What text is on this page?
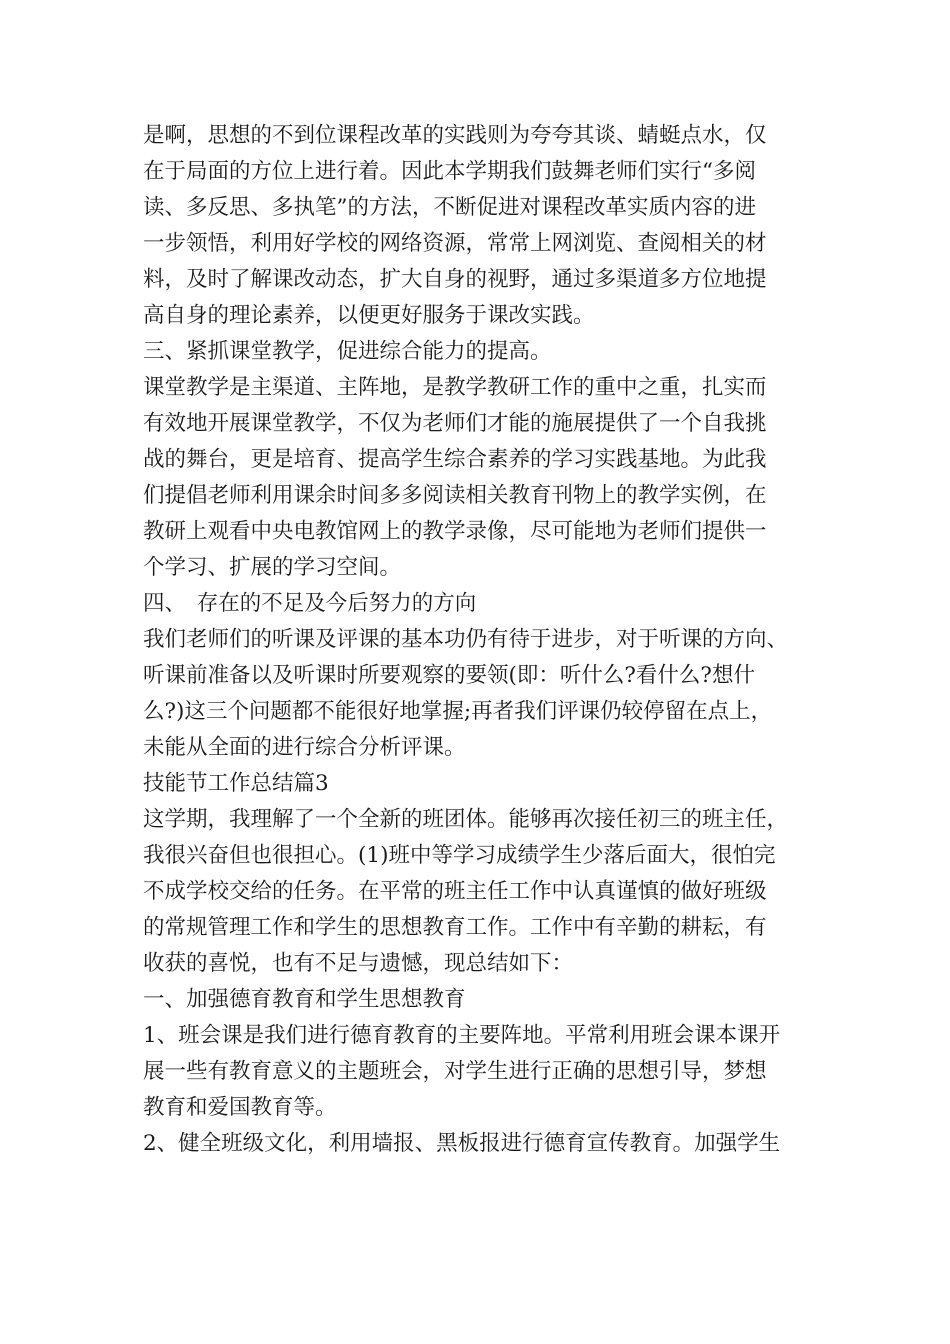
是啊，思想的不到位课程改革的实践则为夸夸其谈、蜻蜓点水，仅
在于局面的方位上进行着。因此本学期我们鼓舞老师们实行“多阅
读、多反思、多执笔”的方法，不断促进对课程改革实质内容的进
一步领悟，利用好学校的网络资源，常常上网浏览、查阅相关的材
料，及时了解课改动态，扩大自身的视野，通过多渠道多方位地提
高自身的理论素养，以便更好服务于课改实践。
三、紧抓课堂教学，促进综合能力的提高。
课堂教学是主渠道、主阵地，是教学教研工作的重中之重，扎实而
有效地开展课堂教学，不仅为老师们才能的施展提供了一个自我挑
战的舞台，更是培育、提高学生综合素养的学习实践基地。为此我
们提倡老师利用课余时间多多阅读相关教育刊物上的教学实例，在
教研上观看中央电教馆网上的教学录像，尽可能地为老师们提供一
个学习、扩展的学习空间。
四、　存在的不足及今后努力的方向
我们老师们的听课及评课的基本功仍有待于进步，对于听课的方向、
听课前准备以及听课时所要观察的要领(即：听什么?看什么?想什
么?)这三个问题都不能很好地掌握;再者我们评课仍较停留在点上，
未能从全面的进行综合分析评课。
技能节工作总结篇3
这学期，我理解了一个全新的班团体。能够再次接任初三的班主任，
我很兴奋但也很担心。(1)班中等学习成绩学生少落后面大，很怕完
不成学校交给的任务。在平常的班主任工作中认真谨慎的做好班级
的常规管理工作和学生的思想教育工作。工作中有辛勤的耕耘，有
收获的喜悦，也有不足与遗憾，现总结如下：
一、加强德育教育和学生思想教育
1、班会课是我们进行德育教育的主要阵地。平常利用班会课本课开
展一些有教育意义的主题班会，对学生进行正确的思想引导，梦想
教育和爱国教育等。
2、健全班级文化，利用墙报、黑板报进行德育宣传教育。加强学生
